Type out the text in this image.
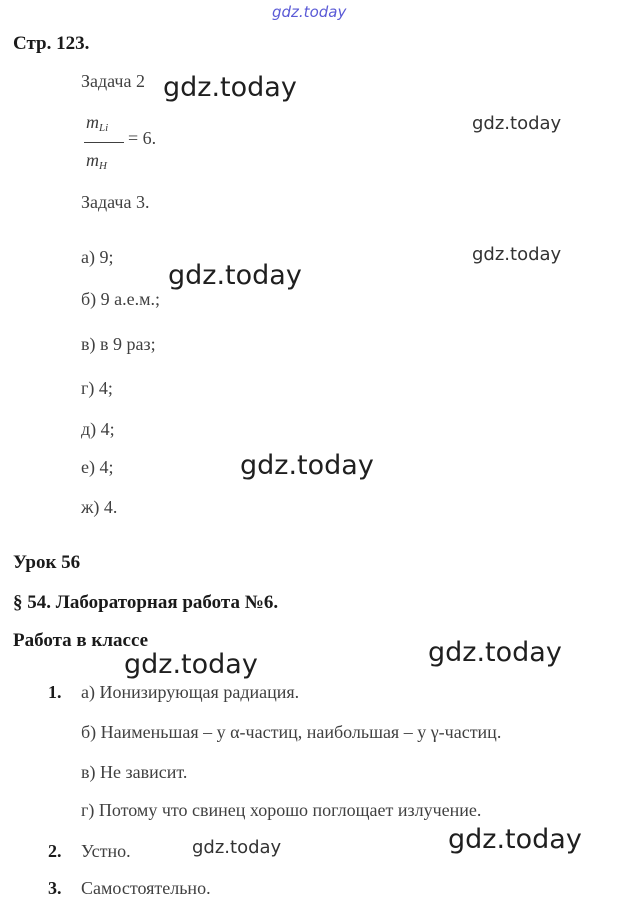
gdz.today
Стр. 123.
Задача 2
$m_{Li}$
$m_H$
= 6.
Задача 3.
а) 9;
б) 9 а.е.м.;
в) в 9 раз;
г) 4;
д) 4;
е) 4;
ж) 4.
Урок 56
§ 54. Лабораторная работа №6.
Работа в классе
1. а) Ионизирующая радиация.
б) Наименьшая – у α-частиц, наибольшая – у γ-частиц.
в) Не зависит.
г) Потому что свинец хорошо поглощает излучение.
2. Устно.
3. Самостоятельно.
gdz.today
gdz.today
gdz.today
gdz.today
gdz.today
gdz.today
gdz.today
gdz.today
gdz.today
